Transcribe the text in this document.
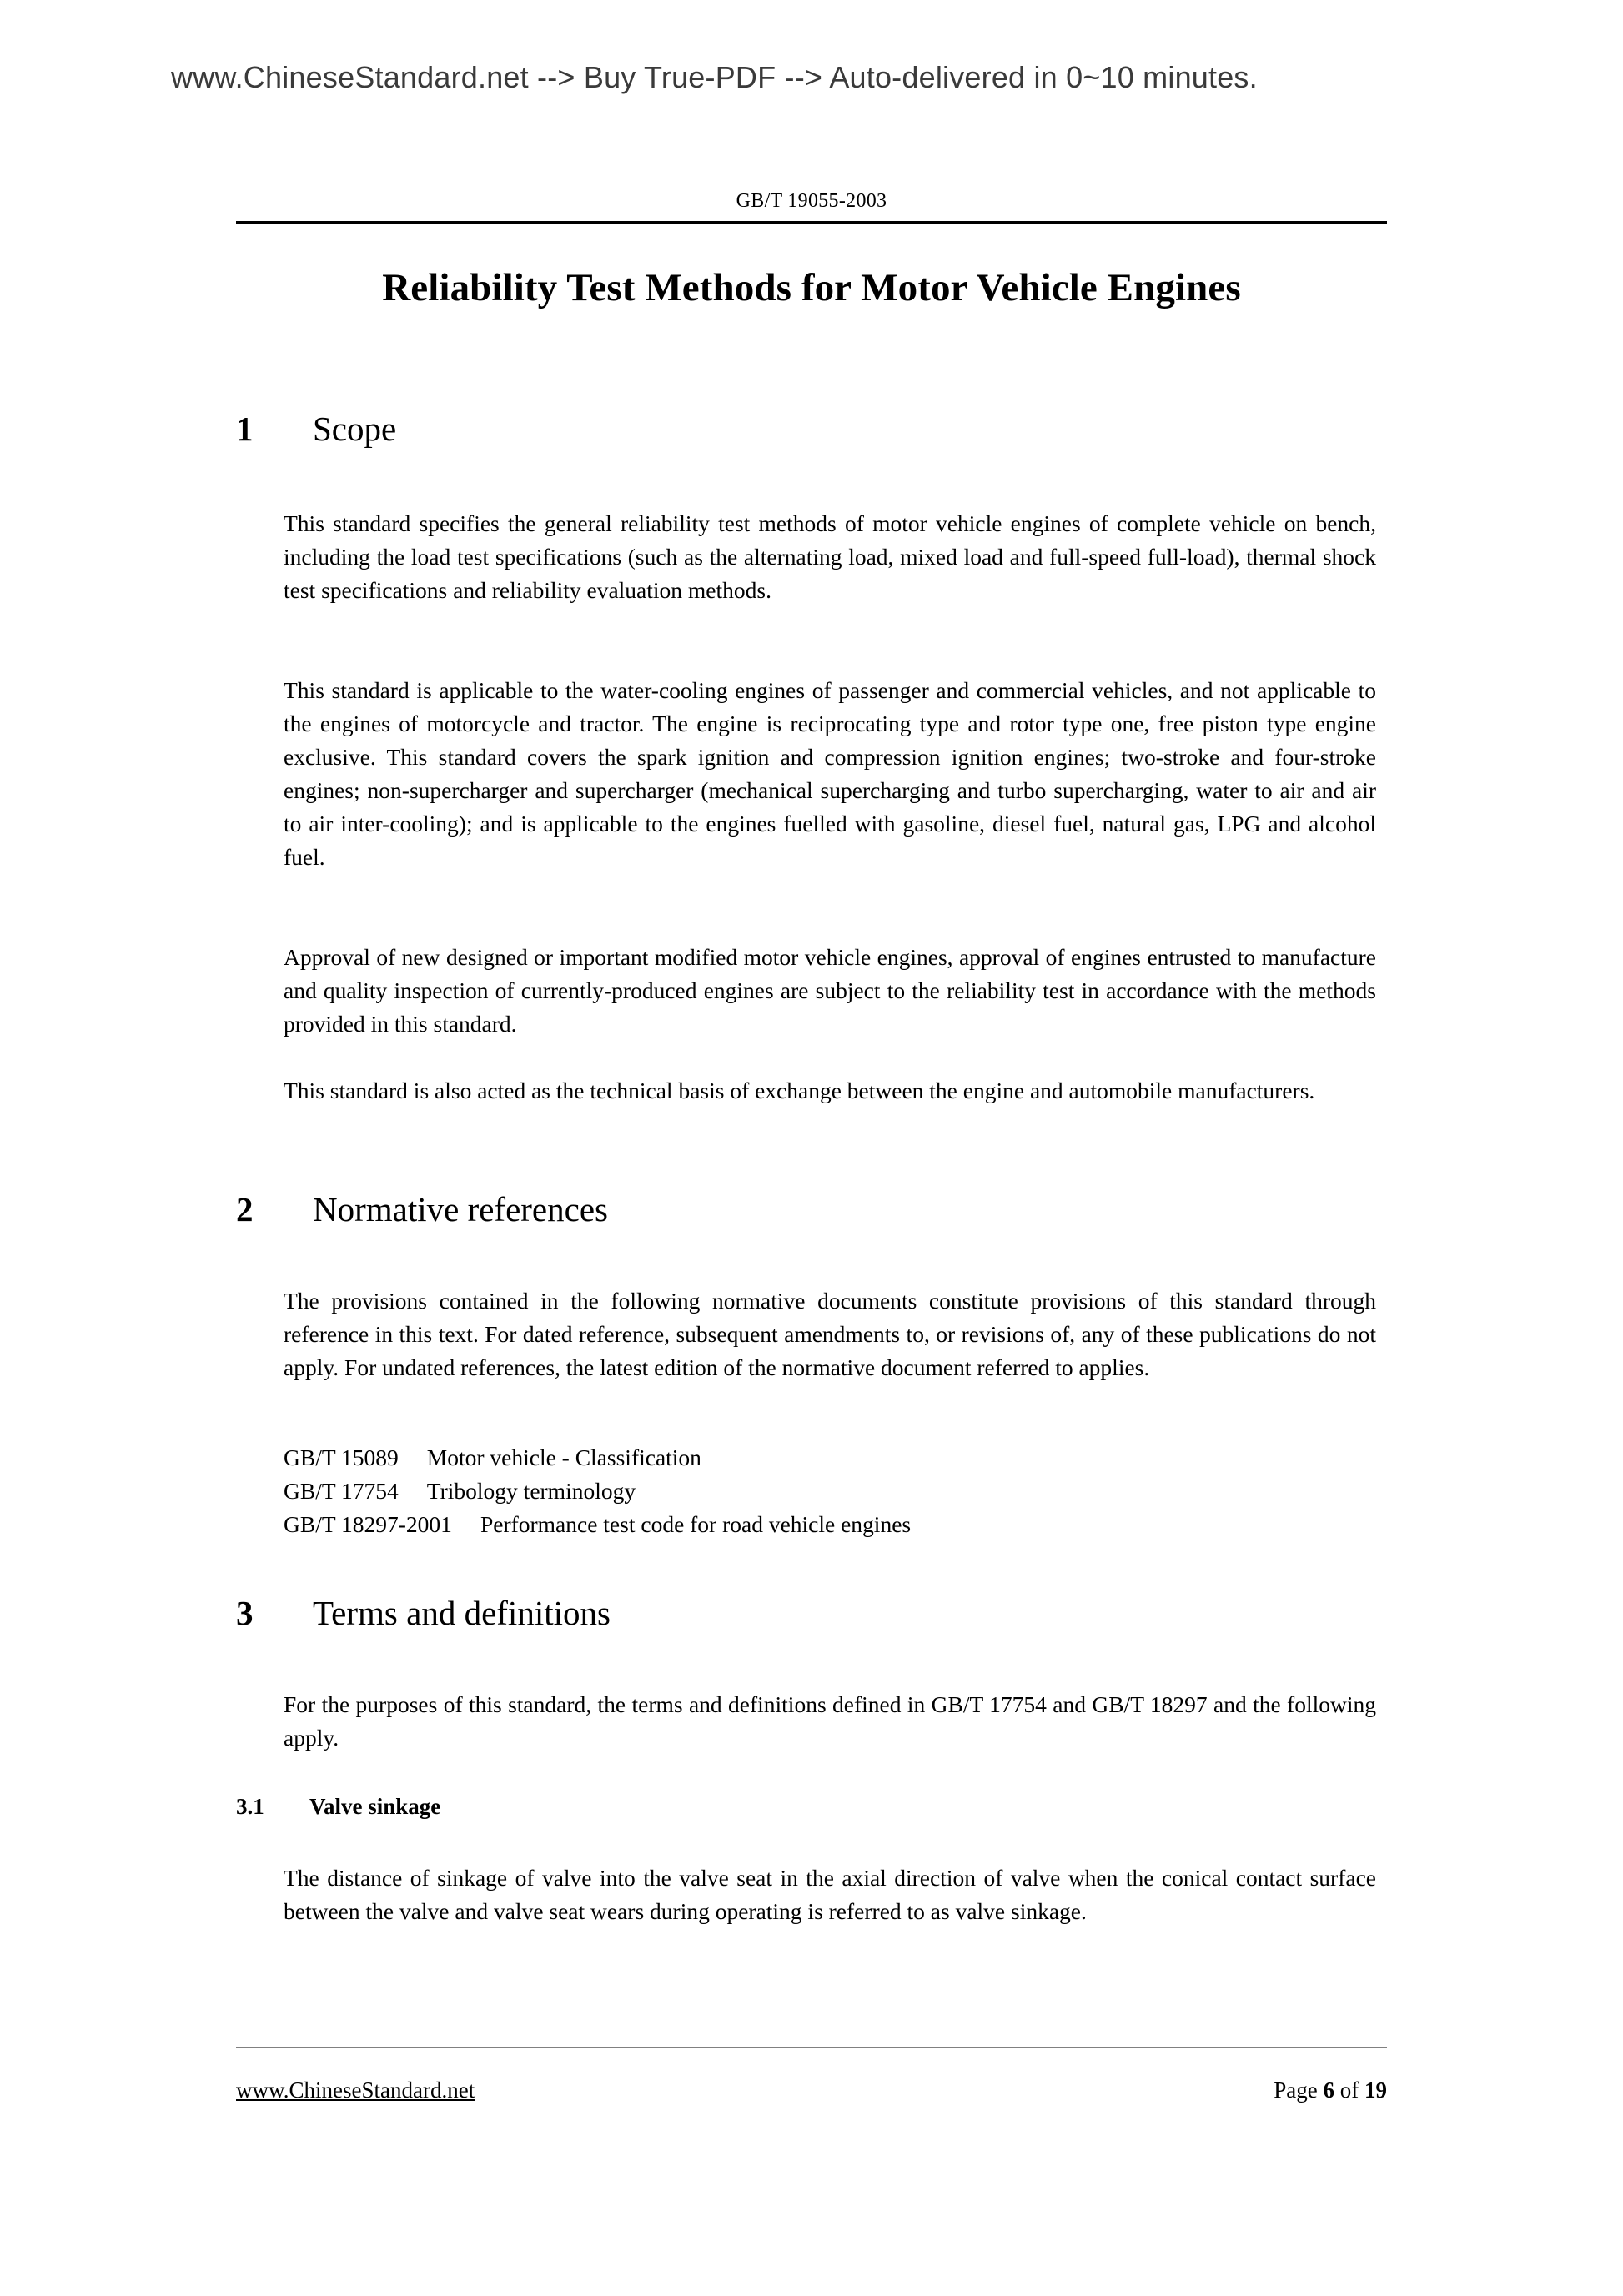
www.ChineseStandard.net --> Buy True-PDF --> Auto-delivered in 0~10 minutes.
GB/T 19055-2003
Reliability Test Methods for Motor Vehicle Engines
1 Scope
This standard specifies the general reliability test methods of motor vehicle engines of complete vehicle on bench, including the load test specifications (such as the alternating load, mixed load and full-speed full-load), thermal shock test specifications and reliability evaluation methods.
This standard is applicable to the water-cooling engines of passenger and commercial vehicles, and not applicable to the engines of motorcycle and tractor. The engine is reciprocating type and rotor type one, free piston type engine exclusive. This standard covers the spark ignition and compression ignition engines; two-stroke and four-stroke engines; non-supercharger and supercharger (mechanical supercharging and turbo supercharging, water to air and air to air inter-cooling); and is applicable to the engines fuelled with gasoline, diesel fuel, natural gas, LPG and alcohol fuel.
Approval of new designed or important modified motor vehicle engines, approval of engines entrusted to manufacture and quality inspection of currently-produced engines are subject to the reliability test in accordance with the methods provided in this standard.
This standard is also acted as the technical basis of exchange between the engine and automobile manufacturers.
2 Normative references
The provisions contained in the following normative documents constitute provisions of this standard through reference in this text. For dated reference, subsequent amendments to, or revisions of, any of these publications do not apply. For undated references, the latest edition of the normative document referred to applies.
GB/T 15089 Motor vehicle - Classification
GB/T 17754 Tribology terminology
GB/T 18297-2001 Performance test code for road vehicle engines
3 Terms and definitions
For the purposes of this standard, the terms and definitions defined in GB/T 17754 and GB/T 18297 and the following apply.
3.1 Valve sinkage
The distance of sinkage of valve into the valve seat in the axial direction of valve when the conical contact surface between the valve and valve seat wears during operating is referred to as valve sinkage.
www.ChineseStandard.net	Page 6 of 19
